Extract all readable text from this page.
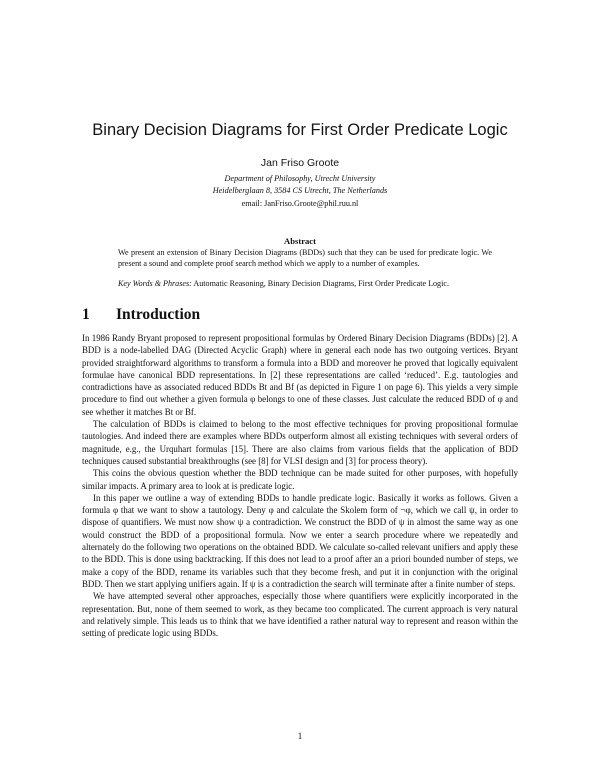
Binary Decision Diagrams for First Order Predicate Logic
Jan Friso Groote
Department of Philosophy, Utrecht University
Heidelberglaan 8, 3584 CS Utrecht, The Netherlands
email: JanFriso.Groote@phil.ruu.nl
Abstract
We present an extension of Binary Decision Diagrams (BDDs) such that they can be used for predicate logic. We present a sound and complete proof search method which we apply to a number of examples.
Key Words & Phrases: Automatic Reasoning, Binary Decision Diagrams, First Order Predicate Logic.
1 Introduction

In 1986 Randy Bryant proposed to represent propositional formulas by Ordered Binary Decision Diagrams (BDDs) [2]. A BDD is a node-labelled DAG (Directed Acyclic Graph) where in general each node has two outgoing vertices. Bryant provided straightforward algorithms to transform a formula into a BDD and moreover he proved that logically equivalent formulae have canonical BDD representations. In [2] these representations are called ‘reduced’. E.g. tautologies and contradictions have as associated reduced BDDs Bt and Bf (as depicted in Figure 1 on page 6). This yields a very simple procedure to find out whether a given formula φ belongs to one of these classes. Just calculate the reduced BDD of φ and see whether it matches Bt or Bf.

The calculation of BDDs is claimed to belong to the most effective techniques for proving propositional formulae tautologies. And indeed there are examples where BDDs outperform almost all existing techniques with several orders of magnitude, e.g., the Urquhart formulas [15]. There are also claims from various fields that the application of BDD techniques caused substantial breakthroughs (see [8] for VLSI design and [3] for process theory).

This coins the obvious question whether the BDD technique can be made suited for other purposes, with hopefully similar impacts. A primary area to look at is predicate logic.

In this paper we outline a way of extending BDDs to handle predicate logic. Basically it works as follows. Given a formula φ that we want to show a tautology. Deny φ and calculate the Skolem form of ¬φ, which we call ψ, in order to dispose of quantifiers. We must now show ψ a contradiction. We construct the BDD of ψ in almost the same way as one would construct the BDD of a propositional formula. Now we enter a search procedure where we repeatedly and alternately do the following two operations on the obtained BDD. We calculate so-called relevant unifiers and apply these to the BDD. This is done using backtracking. If this does not lead to a proof after an a priori bounded number of steps, we make a copy of the BDD, rename its variables such that they become fresh, and put it in conjunction with the original BDD. Then we start applying unifiers again. If ψ is a contradiction the search will terminate after a finite number of steps.

We have attempted several other approaches, especially those where quantifiers were explicitly incorporated in the representation. But, none of them seemed to work, as they became too complicated. The current approach is very natural and relatively simple. This leads us to think that we have identified a rather natural way to represent and reason within the setting of predicate logic using BDDs.

1
